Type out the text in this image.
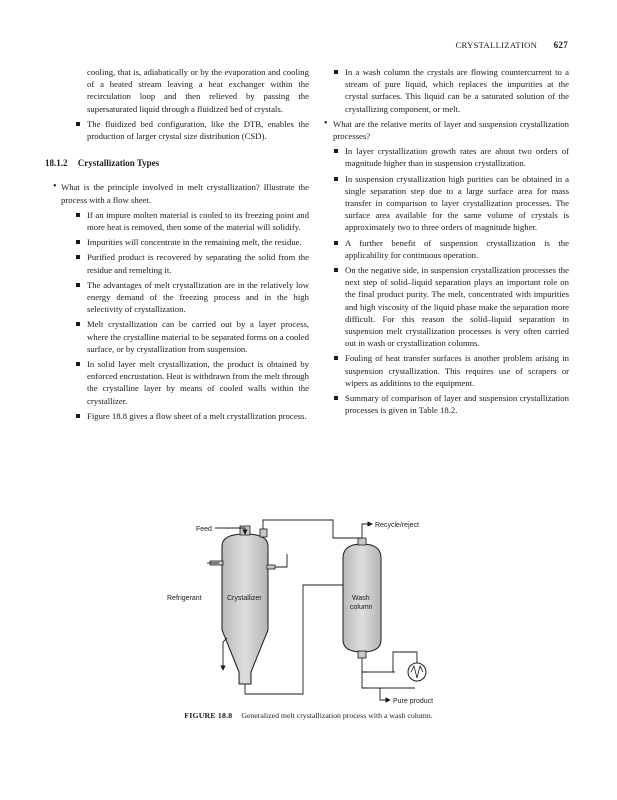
CRYSTALLIZATION 627

cooling, that is, adiabatically or by the evaporation and cooling of a heated stream leaving a heat exchanger within the recirculation loop and then relieved by passing the supersaturated liquid through a fluidized bed of crystals.

The fluidized bed configuration, like the DTB, enables the production of larger crystal size distribution (CSD).
18.1.2 Crystallization Types
• What is the principle involved in melt crystallization? Illustrate the process with a flow sheet.
If an impure molten material is cooled to its freezing point and more heat is removed, then some of the material will solidify.
Impurities will concentrate in the remaining melt, the residue.
Purified product is recovered by separating the solid from the residue and remelting it.
The advantages of melt crystallization are in the relatively low energy demand of the freezing process and in the high selectivity of crystallization.
Melt crystallization can be carried out by a layer process, where the crystalline material to be separated forms on a cooled surface, or by crystallization from suspension.
In solid layer melt crystallization, the product is obtained by enforced encrustation. Heat is withdrawn from the melt through the crystalline layer by means of cooled walls within the crystallizer.
Figure 18.8 gives a flow sheet of a melt crystallization process.
In a wash column the crystals are flowing countercurrent to a stream of pure liquid, which replaces the impurities at the crystal surfaces. This liquid can be a saturated solution of the crystallizing component, or melt.
• What are the relative merits of layer and suspension crystallization processes?
In layer crystallization growth rates are about two orders of magnitude higher than in suspension crystallization.
In suspension crystallization high purities can be obtained in a single separation step due to a large surface area for mass transfer in comparison to layer crystallization processes. The surface area available for the same volume of crystals is approximately two to three orders of magnitude higher.
A further benefit of suspension crystallization is the applicability for continuous operation.
On the negative side, in suspension crystallization processes the next step of solid–liquid separation plays an important role on the final product purity. The melt, concentrated with impurities and high viscosity of the liquid phase make the separation more difficult. For this reason the solid–liquid separation in suspension melt crystallization processes is very often carried out in wash or crystallization columns.
Fouling of heat transfer surfaces is another problem arising in suspension crystallization. This requires use of scrapers or wipers as additions to the equipment.
Summary of comparison of layer and suspension crystallization processes is given in Table 18.2.
Feed
Recycle/reject
Refrigerant	Crystallizer	Wash
column
Pure product
FIGURE 18.8 Generalized melt crystallization process with a wash column.
